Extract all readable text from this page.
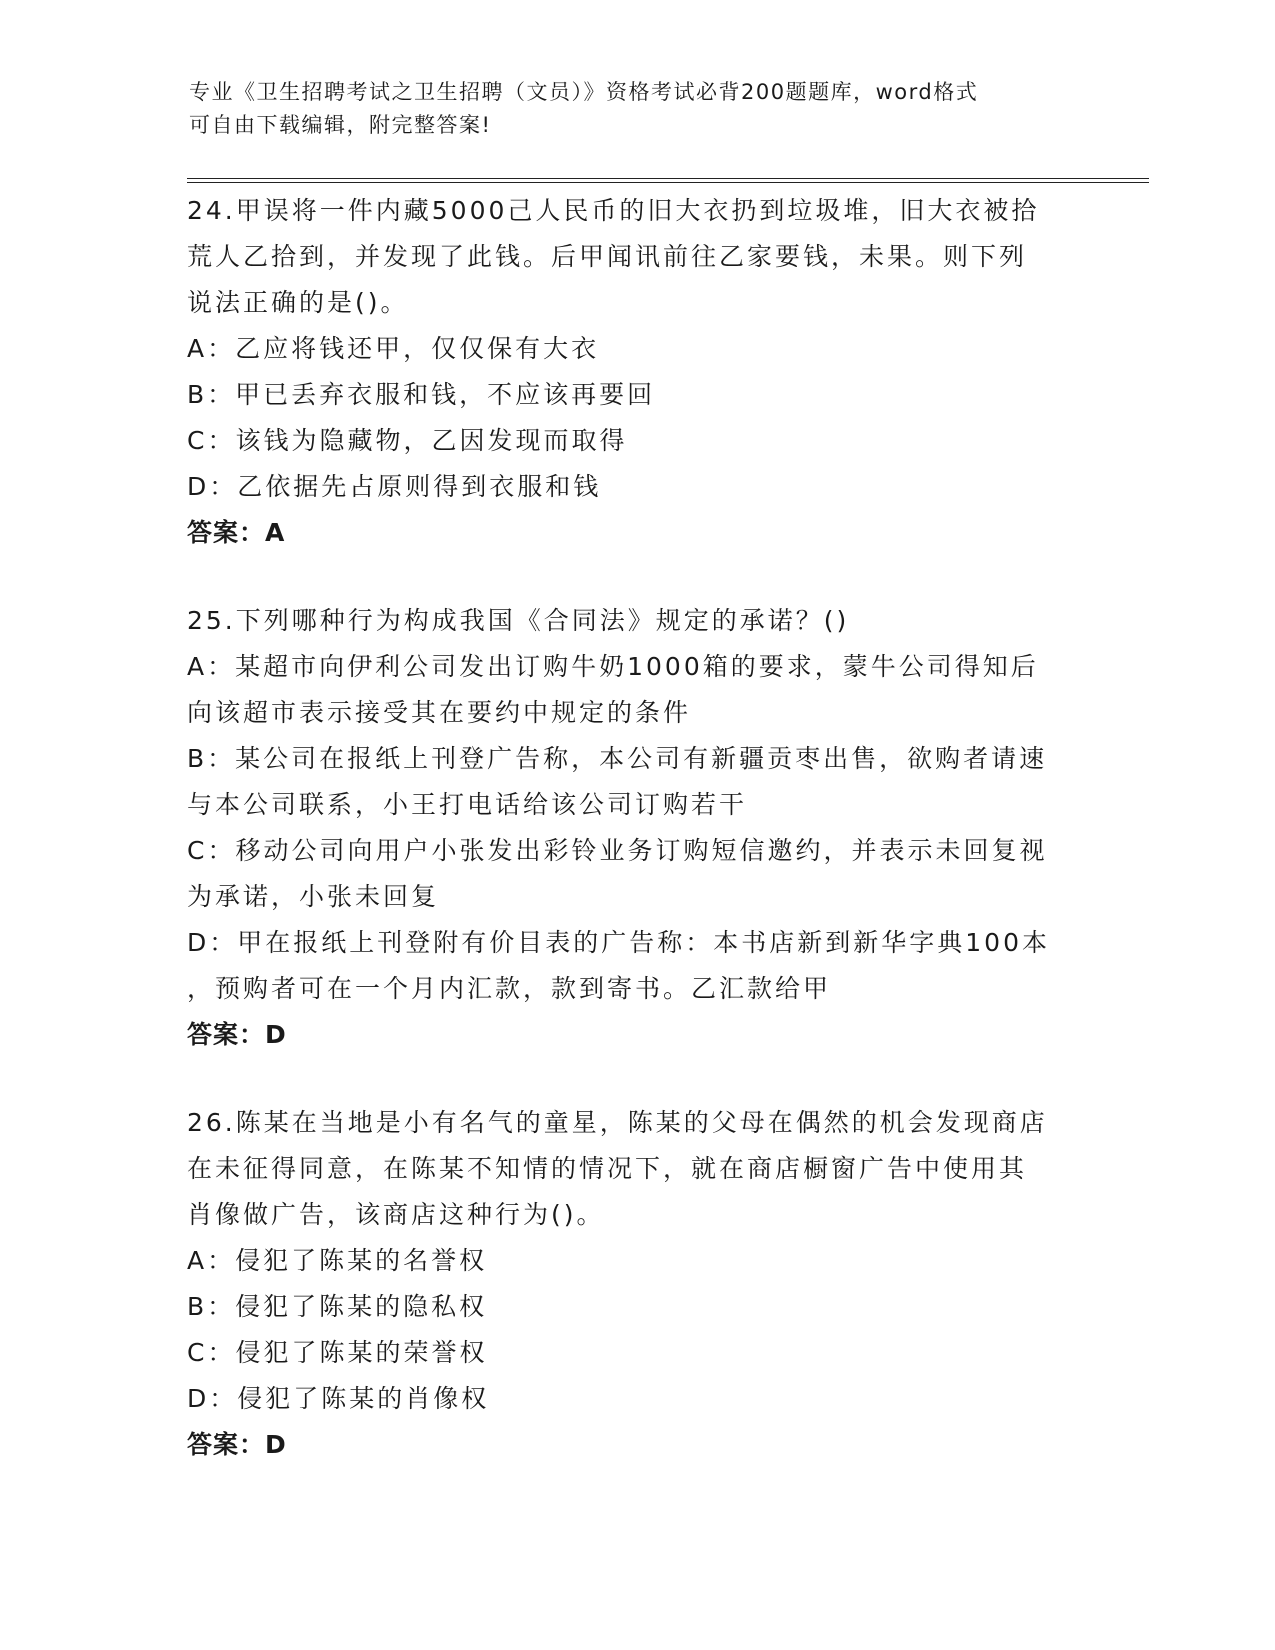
专业《卫生招聘考试之卫生招聘（文员）》资格考试必背200题题库，word格式
可自由下载编辑，附完整答案!
24.甲误将一件内藏5000己人民币的旧大衣扔到垃圾堆，旧大衣被拾
荒人乙拾到，并发现了此钱。后甲闻讯前往乙家要钱，未果。则下列
说法正确的是()。
A：乙应将钱还甲，仅仅保有大衣
B：甲已丢弃衣服和钱，不应该再要回
C：该钱为隐藏物，乙因发现而取得
D：乙依据先占原则得到衣服和钱
答案：A
25.下列哪种行为构成我国《合同法》规定的承诺？()
A：某超市向伊利公司发出订购牛奶1000箱的要求，蒙牛公司得知后
向该超市表示接受其在要约中规定的条件
B：某公司在报纸上刊登广告称，本公司有新疆贡枣出售，欲购者请速
与本公司联系，小王打电话给该公司订购若干
C：移动公司向用户小张发出彩铃业务订购短信邀约，并表示未回复视
为承诺，小张未回复
D：甲在报纸上刊登附有价目表的广告称：本书店新到新华字典100本
，预购者可在一个月内汇款，款到寄书。乙汇款给甲
答案：D
26.陈某在当地是小有名气的童星，陈某的父母在偶然的机会发现商店
在未征得同意，在陈某不知情的情况下，就在商店橱窗广告中使用其
肖像做广告，该商店这种行为()。
A：侵犯了陈某的名誉权
B：侵犯了陈某的隐私权
C：侵犯了陈某的荣誉权
D：侵犯了陈某的肖像权
答案：D
